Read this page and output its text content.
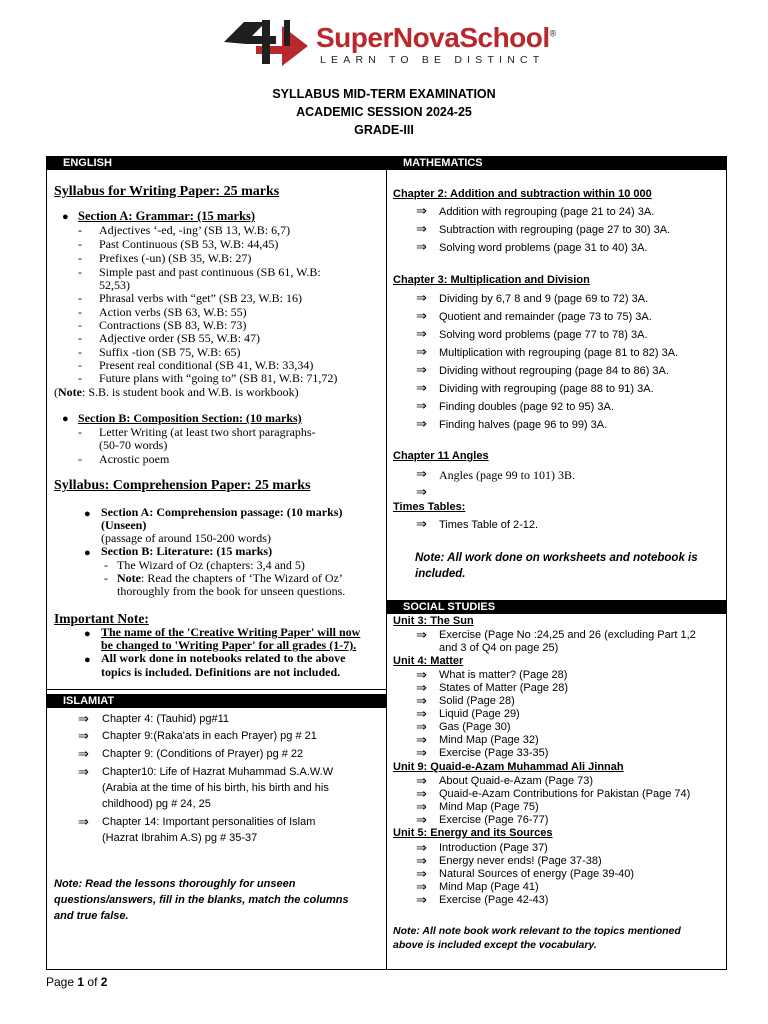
SuperNovaSchool®
LEARN TO BE DISTINCT
SYLLABUS MID-TERM EXAMINATION
ACADEMIC SESSION 2024-25
GRADE-III
ENGLISH	MATHEMATICS
ISLAMIAT
SOCIAL STUDIES
Syllabus for Writing Paper: 25 marks
● Section A: Grammar: (15 marks)
- Adjectives ‘-ed, -ing’ (SB 13, W.B: 6,7)
- Past Continuous (SB 53, W.B: 44,45)
- Prefixes (-un) (SB 35, W.B: 27)
- Simple past and past continuous (SB 61, W.B:
52,53)
- Phrasal verbs with “get” (SB 23, W.B: 16)
- Action verbs (SB 63, W.B: 55)
- Contractions (SB 83, W.B: 73)
- Adjective order (SB 55, W.B: 47)
- Suffix -tion (SB 75, W.B: 65)
- Present real conditional (SB 41, W.B: 33,34)
- Future plans with “going to” (SB 81, W.B: 71,72)
(Note: S.B. is student book and W.B. is workbook)
● Section B: Composition Section: (10 marks)
- Letter Writing (at least two short paragraphs-
(50-70 words)
- Acrostic poem
Syllabus: Comprehension Paper: 25 marks
● Section A: Comprehension passage: (10 marks)
(Unseen)
(passage of around 150-200 words)
● Section B: Literature: (15 marks)
- The Wizard of Oz (chapters: 3,4 and 5)
- Note: Read the chapters of ‘The Wizard of Oz’
thoroughly from the book for unseen questions.
Important Note:
● The name of the 'Creative Writing Paper' will now
be changed to 'Writing Paper' for all grades (1-7).
● All work done in notebooks related to the above
topics is included. Definitions are not included.
⇒ Chapter 4: (Tauhid) pg#11
⇒ Chapter 9:(Raka'ats in each Prayer) pg # 21
⇒ Chapter 9: (Conditions of Prayer) pg # 22
⇒ Chapter10: Life of Hazrat Muhammad S.A.W.W
(Arabia at the time of his birth, his birth and his
childhood) pg # 24, 25
⇒ Chapter 14: Important personalities of Islam
(Hazrat Ibrahim A.S) pg # 35-37
Note: Read the lessons thoroughly for unseen
questions/answers, fill in the blanks, match the columns
and true false.
Chapter 2: Addition and subtraction within 10 000
⇒ Addition with regrouping (page 21 to 24) 3A.
⇒ Subtraction with regrouping (page 27 to 30) 3A.
⇒ Solving word problems (page 31 to 40) 3A.
Chapter 3: Multiplication and Division
⇒ Dividing by 6,7 8 and 9 (page 69 to 72) 3A.
⇒ Quotient and remainder (page 73 to 75) 3A.
⇒ Solving word problems (page 77 to 78) 3A.
⇒ Multiplication with regrouping (page 81 to 82) 3A.
⇒ Dividing without regrouping (page 84 to 86) 3A.
⇒ Dividing with regrouping (page 88 to 91) 3A.
⇒ Finding doubles (page 92 to 95) 3A.
⇒ Finding halves (page 96 to 99) 3A.
Chapter 11 Angles
⇒ Angles (page 99 to 101) 3B.
⇒
Times Tables:
⇒ Times Table of 2-12.
Note: All work done on worksheets and notebook is
included.
Unit 3: The Sun
⇒ Exercise (Page No :24,25 and 26 (excluding Part 1,2
and 3 of Q4 on page 25)
Unit 4: Matter
⇒ What is matter? (Page 28)
⇒ States of Matter (Page 28)
⇒ Solid (Page 28)
⇒ Liquid (Page 29)
⇒ Gas (Page 30)
⇒ Mind Map (Page 32)
⇒ Exercise (Page 33-35)
Unit 9: Quaid-e-Azam Muhammad Ali Jinnah
⇒ About Quaid-e-Azam (Page 73)
⇒ Quaid-e-Azam Contributions for Pakistan (Page 74)
⇒ Mind Map (Page 75)
⇒ Exercise (Page 76-77)
Unit 5: Energy and its Sources
⇒ Introduction (Page 37)
⇒ Energy never ends! (Page 37-38)
⇒ Natural Sources of energy (Page 39-40)
⇒ Mind Map (Page 41)
⇒ Exercise (Page 42-43)
Note: All note book work relevant to the topics mentioned
above is included except the vocabulary.
Page 1 of 2
